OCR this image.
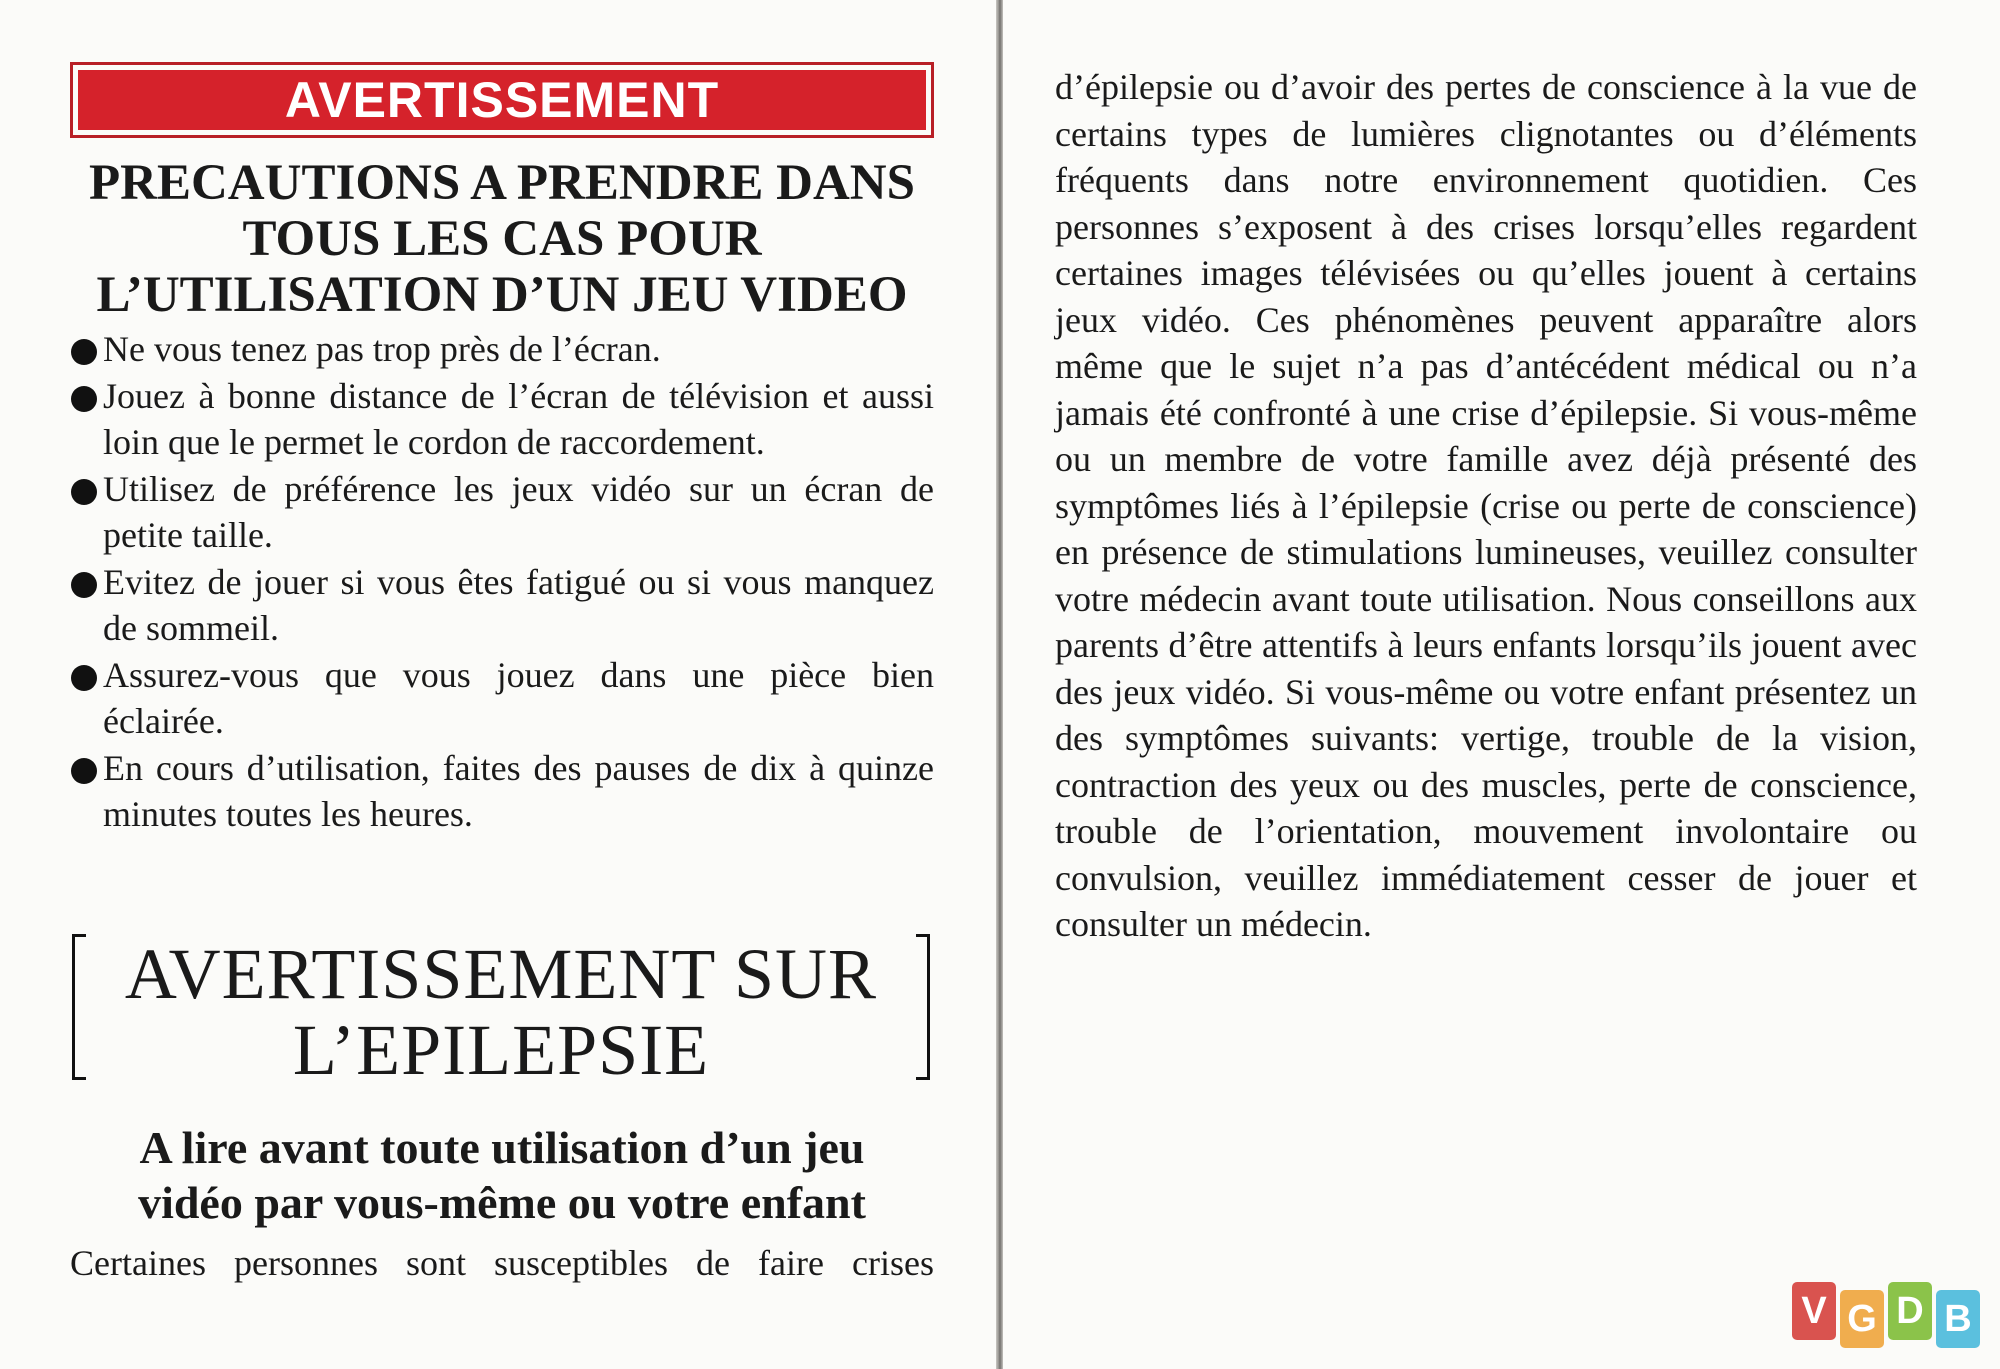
AVERTISSEMENT
PRECAUTIONS A PRENDRE DANS
TOUS LES CAS POUR
L’UTILISATION D’UN JEU VIDEO
Ne vous tenez pas trop près de l’écran.
Jouez à bonne distance de l’écran de télévision et aussi loin que le permet le cordon de raccordement.
Utilisez de préférence les jeux vidéo sur un écran de petite taille.
Evitez de jouer si vous êtes fatigué ou si vous manquez de sommeil.
Assurez-vous que vous jouez dans une pièce bien éclairée.
En cours d’utilisation, faites des pauses de dix à quinze minutes toutes les heures.
AVERTISSEMENT SUR
L’EPILEPSIE
A lire avant toute utilisation d’un jeu
vidéo par vous-même ou votre enfant
Certaines personnes sont susceptibles de faire crises
d’épilepsie ou d’avoir des pertes de conscience à la vue de certains types de lumières clignotantes ou d’éléments fréquents dans notre environnement quotidien. Ces personnes s’exposent à des crises lorsqu’elles regardent certaines images télévisées ou qu’elles jouent à certains jeux vidéo. Ces phénomènes peuvent apparaître alors même que le sujet n’a pas d’antécédent médical ou n’a jamais été confronté à une crise d’épilepsie. Si vous-même ou un membre de votre famille avez déjà présenté des symptômes liés à l’épilepsie (crise ou perte de conscience) en présence de stimulations lumineuses, veuillez consulter votre médecin avant toute utilisation. Nous conseillons aux parents d’être attentifs à leurs enfants lorsqu’ils jouent avec des jeux vidéo. Si vous-même ou votre enfant présentez un des symptômes suivants: vertige, trouble de la vision, contraction des yeux ou des muscles, perte de conscience, trouble de l’orientation, mouvement involontaire ou convulsion, veuillez immédiatement cesser de jouer et consulter un médecin.
V G D B
